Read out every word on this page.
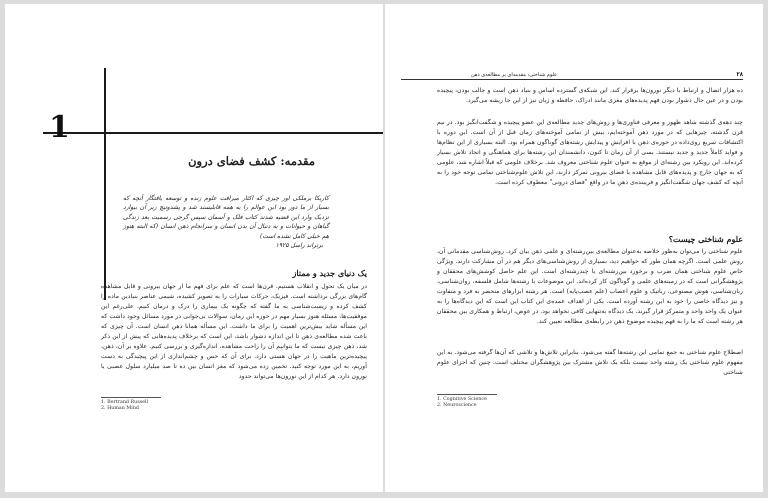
1
مقدمه: کشف فضای درون
کاریکا برملکی اور چیزی که اکثار میرافت علوم زنده و توسعه یافتگار آنچه که بسیار از ما دور بود این عوالم را به همه قابلیسند شد و پشدوتیچ زیر آن بیوارد نزدیک وارد این قضیه شدند کتاب فلک و آسمان سپس گرجی رسمیت بعد زندگی گیاهان و حیوانات و به دنبال آن بدن انسان و سرانجام ذهن انسان (که البته هنوز هم خیلی کامل نشده است)
برتراند راسل ۱۹۲۵
یک دنیای جدید و ممتاز
در میان یک تحول و انقلاب هستیم. قرن‌ها است که علم برای فهم ما از جهان بیرونی و قابل مشاهده گام‌های بزرگی برداشته است. فیزیک، حرکات سیارات را به تصویر کشیده، شیمی عناصر بنیادین ماده را کشف کرده و زیست‌شناسی به ما گفته که چگونه یک بیماری را درک و درمان کنیم. علی‌رغم این موفقیت‌ها، مسئله هنوز بسیار مهم در حوزه این زمان، سوالات بی‌جوابی در مورد مسائل وجود داشت که این مسأله شاید بیش‌ترین اهمیت را برای ما داشت. این مسأله همانا ذهن انسان است. آن چیزی که باعث شده مطالعه‌ی ذهن تا این اندازه دشوار باشد، این است که برخلاف پدیده‌هایی که پیش از این ذکر شد، ذهن چیزی نیست که ما بتوانیم آن را راحت مشاهده، اندازه‌گیری و بررسی کنیم. علاوه بر آن، ذهن، پیچیده‌ترین ماهیت را در جهان هستی دارد. برای آن که حس و چشم‌اندازی از این پیچیدگی به دست آوریم، به این مورد توجه کنید. تخمین زده می‌شود که مغز انسان بین ده تا صد میلیارد سلول عصبی یا نورون دارد. هر کدام از این نورون‌ها می‌تواند حدود
1. Bertrand Russell
2. Human Mind
۲۸
علوم شناختی: مقدمه‌ای بر مطالعه‌ی ذهن
ده هزار اتصال و ارتباط با دیگر نورون‌ها برقرار کند. این شبکه‌ی گسترده اساس و بنیاد ذهن است و جالب بودن، پیچیده بودن و در عین حال دشوار بودن فهم پدیده‌های مغزی مانند ادراک، حافظه و زبان نیز از این جا ریشه می‌گیرد.
چند دهه‌ی گذشته شاهد ظهور و معرفی فناوری‌ها و روش‌های جدید مطالعه‌ی این عضو پیچیده و شگفت‌انگیز بود. در نیم قرن گذشته، چیزهایی که در مورد ذهن آموخته‌ایم، بیش از تمامی آموخته‌های زمان قبل از آن است. این دوره با اکتشافات سریع روی‌داده در حوزه‌ی ذهن با افزایش و پیدایش رشته‌های گوناگون همراه بود. البته بسیاری از این نظام‌ها و فواید کاملاً جدید و جدید نیستند. بسی از آن زمان تا کنون، دانشمندان این رشته‌ها برای هماهنگی و اتحاد تلاش بسیار کرده‌اند. این رویکرد بین رشته‌ای از موقع به عنوان علوم شناختی معروف شد. برخلاف علومی که قبلاً اشاره شد، علومی که به جهان خارج و پدیده‌های قابل مشاهده یا فضای بیرونی تمرکز دارند، این تلاش علوم‌شناختی تمامی توجه خود را به آنچه که کشف جهان شگفت‌انگیز و فریبنده‌ی ذهن ما در واقع "فضای درونی" معطوف کرده است.
علوم شناختی چیست؟
علوم شناختی را می‌توان به‌طور خلاصه به‌عنوان مطالعه‌ی بین‌رشته‌ای و علمی ذهن بیان کرد. روش‌شناسی مقدماتی آن، روش علمی است. اگرچه همان طور که خواهیم دید، بسیاری از روش‌شناسی‌های دیگر هم در آن مشارکت دارند. ویژگی خاص علوم شناختی همان ضرب و برخورد بین‌رشته‌ای یا چندرشته‌ای است. این علم حاصل کوشش‌های محققان و پژوهشگرانی است که در زمینه‌های علمی و گوناگون کار کرده‌اند. این موضوعات با رشته‌ها شامل فلسفه، روان‌شناسی، زبان‌شناسی، هوش مصنوعی، رباتیک و علوم اعصاب (علم عصب‌پایه) است. هر رشته ابزارهای منحصر به فرد و متفاوت و نیز دیدگاه خاصی را خود به این رشته آورده است. یکی از اهداف عمده‌ی این کتاب این است که این دیدگاه‌ها را به‌ عنوان یک واحد واحد و متمرکز قرار گیرند. یک دیدگاه به‌تنهایی کافی نخواهد بود. در عوض، ارتباط و همکاری بین محققان هر رشته است که ما را به فهم پیچیده موضوع ذهن در رابطه‌ی مطالعه تعیین کند.
اصطلاح علوم شناختی به جمع تمامی این رشته‌ها گفته می‌شود. بنابراین تلاش‌ها و تلاشی که آن‌ها گرفته می‌شود. به این مفهوم علوم شناختی یک رشته واحد نیست بلکه یک تلاش مشترک بین پژوهشگران مختلف است. چنین که اجزای علوم شناختی
1. Cognitive Science
2. Neuroscience
